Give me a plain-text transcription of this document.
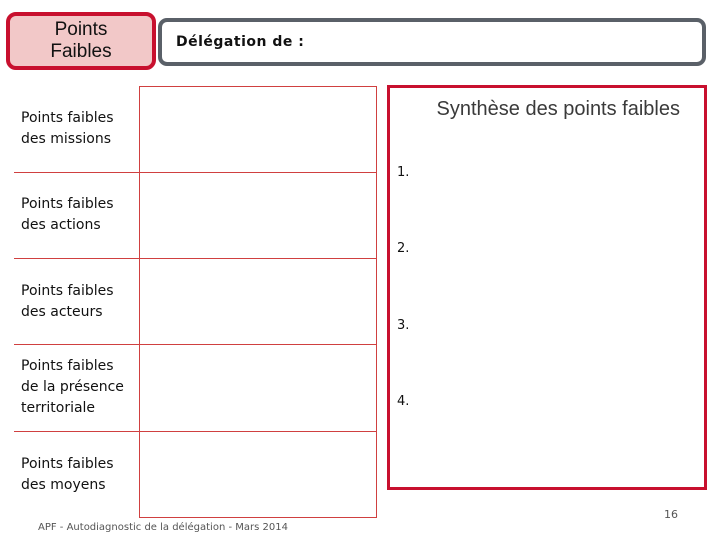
Points
Faibles	Délégation de :
Points faibles
des missions
Points faibles
des actions
Points faibles
des acteurs
Points faibles
de la présence
territoriale
Points faibles
des moyens
Synthèse des points faibles
1.
2.
3.
4.
APF - Autodiagnostic de la délégation - Mars 2014
16
